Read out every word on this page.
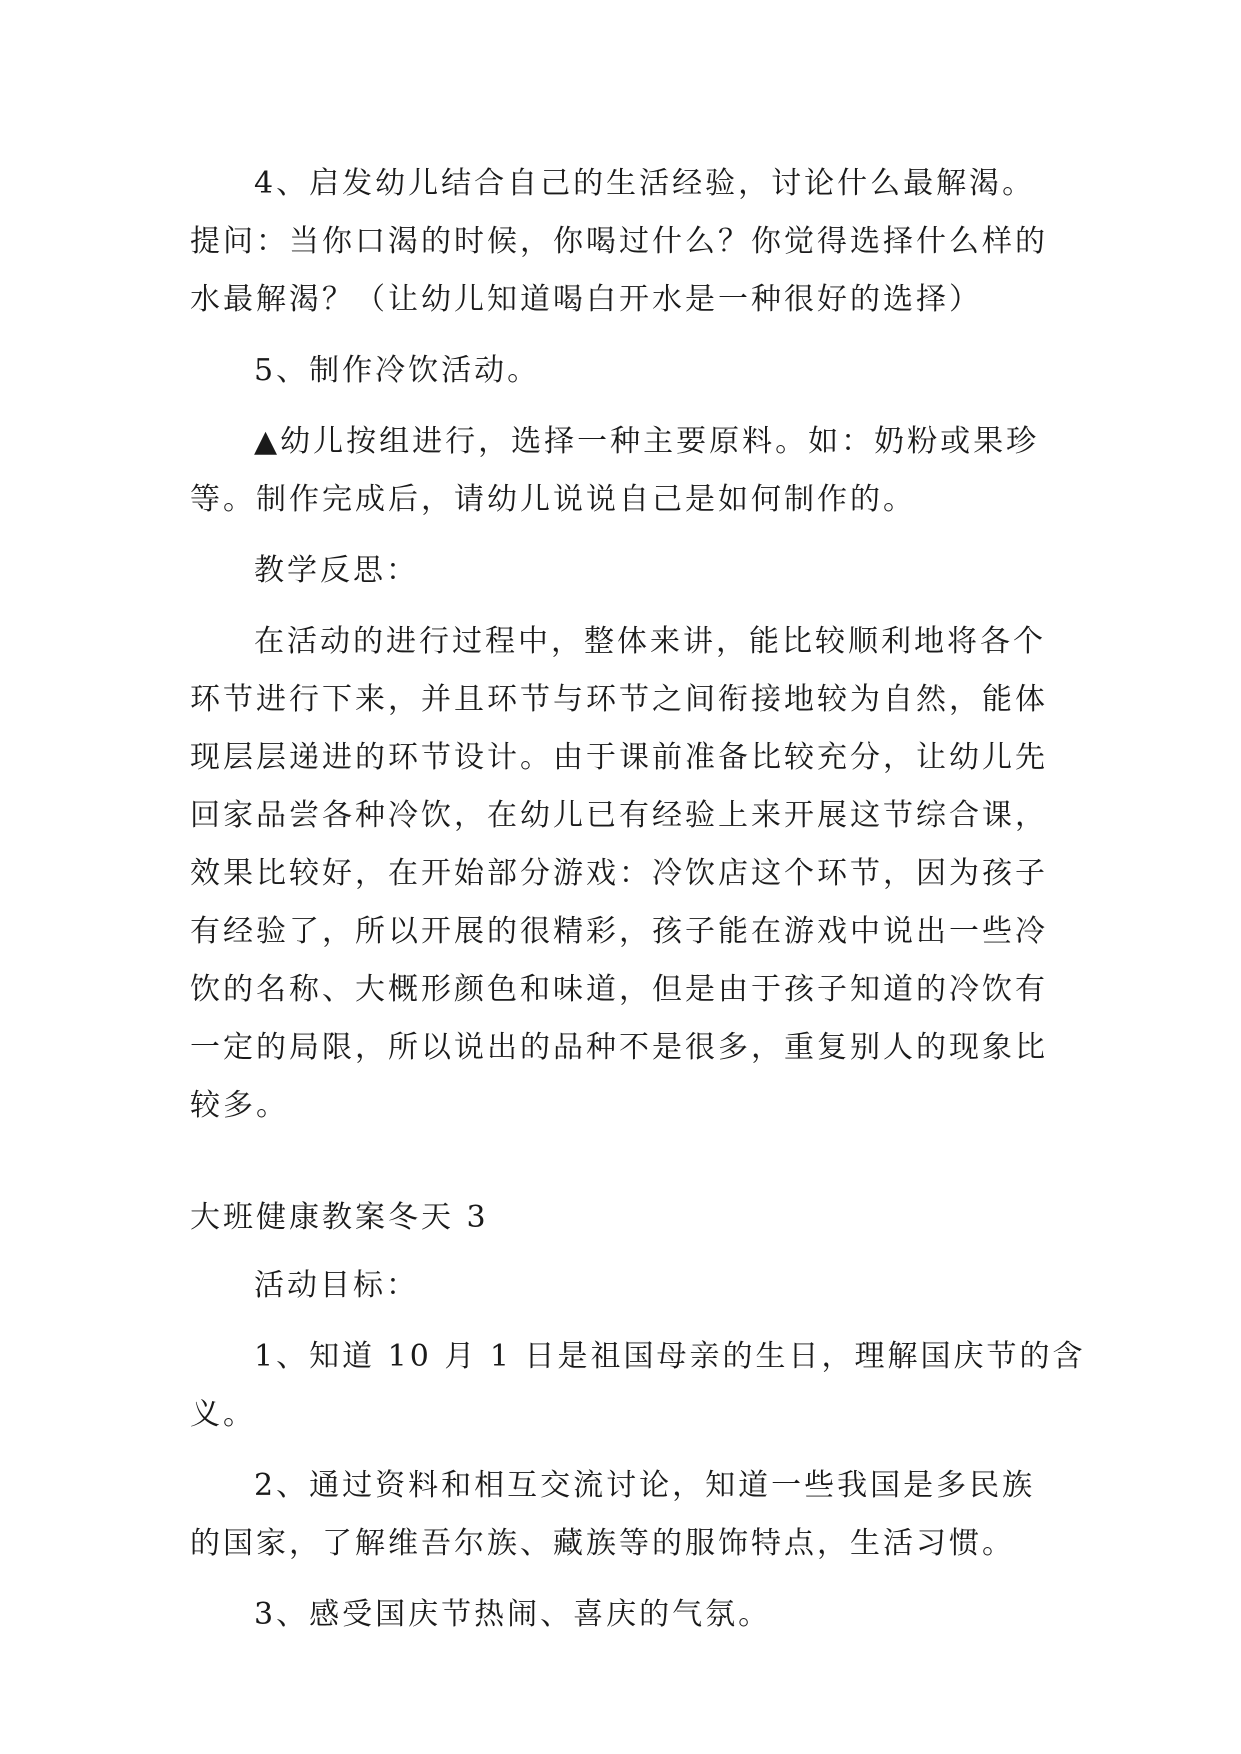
4、启发幼儿结合自己的生活经验，讨论什么最解渴。
提问：当你口渴的时候，你喝过什么？你觉得选择什么样的
水最解渴？（让幼儿知道喝白开水是一种很好的选择）
5、制作冷饮活动。
▲幼儿按组进行，选择一种主要原料。如：奶粉或果珍
等。制作完成后，请幼儿说说自己是如何制作的。
教学反思：
在活动的进行过程中，整体来讲，能比较顺利地将各个
环节进行下来，并且环节与环节之间衔接地较为自然，能体
现层层递进的环节设计。由于课前准备比较充分，让幼儿先
回家品尝各种冷饮，在幼儿已有经验上来开展这节综合课，
效果比较好，在开始部分游戏：冷饮店这个环节，因为孩子
有经验了，所以开展的很精彩，孩子能在游戏中说出一些冷
饮的名称、大概形颜色和味道，但是由于孩子知道的冷饮有
一定的局限，所以说出的品种不是很多，重复别人的现象比
较多。
大班健康教案冬天 3
活动目标：
1、知道 10 月 1 日是祖国母亲的生日，理解国庆节的含
义。
2、通过资料和相互交流讨论，知道一些我国是多民族
的国家，了解维吾尔族、藏族等的服饰特点，生活习惯。
3、感受国庆节热闹、喜庆的气氛。
